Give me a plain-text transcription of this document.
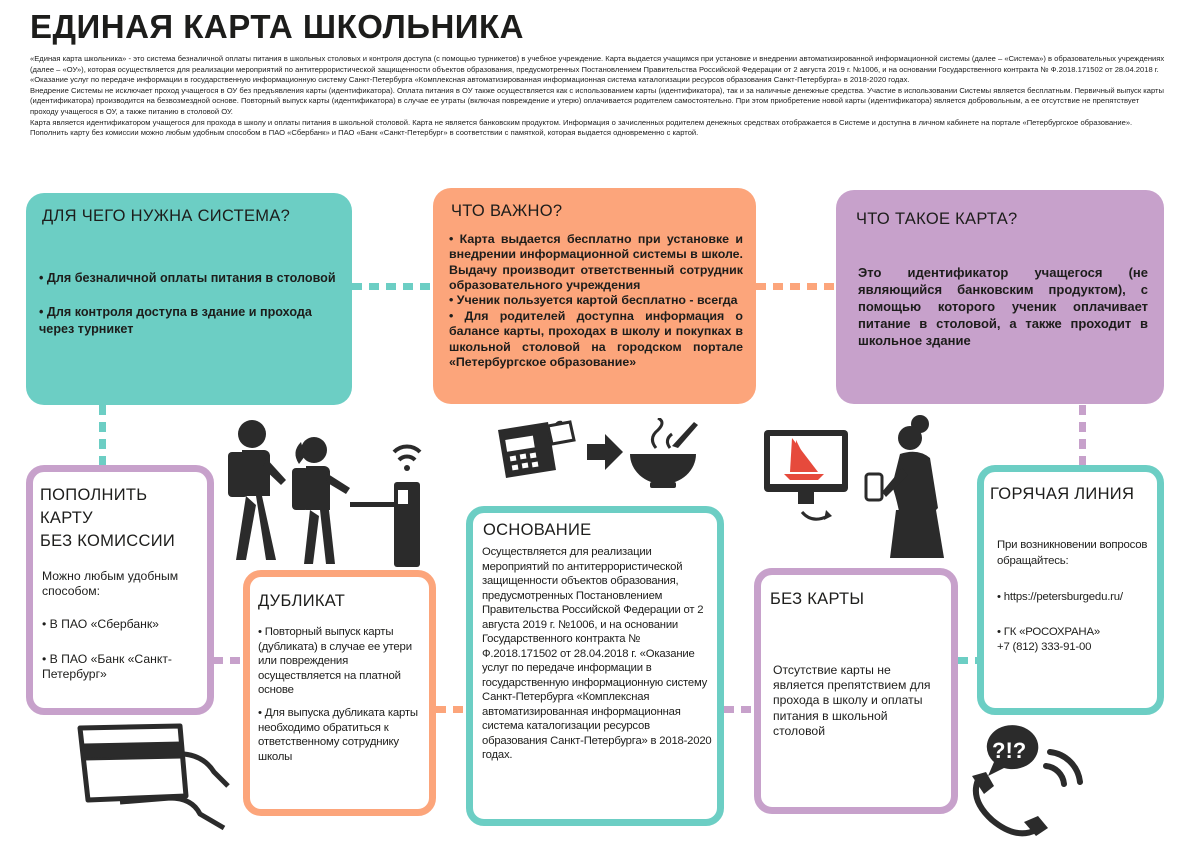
ЕДИНАЯ КАРТА ШКОЛЬНИКА

«Единая карта школьника» - это система безналичной оплаты питания в школьных столовых и контроля доступа (с помощью турникетов) в учебное учреждение. Карта выдается учащимся при установке и внедрении автоматизированной информационной системы (далее – «Система») в образовательных учреждениях (далее – «ОУ»), которая осуществляется для реализации мероприятий по антитеррористической защищенности объектов образования, предусмотренных Постановлением Правительства Российской Федерации от 2 августа 2019 г. №1006, и на основании Государственного контракта № Ф.2018.171502 от 28.04.2018 г. «Оказание услуг по передаче информации в государственную информационную систему Санкт-Петербурга «Комплексная автоматизированная информационная система каталогизации ресурсов образования Санкт-Петербурга» в 2018-2020 годах.

Внедрение Системы не исключает проход учащегося в ОУ без предъявления карты (идентификатора). Оплата питания в ОУ также осуществляется как с использованием карты (идентификатора), так и за наличные денежные средства. Участие в использовании Системы является бесплатным. Первичный выпуск карты (идентификатора) производится на безвозмездной основе. Повторный выпуск карты (идентификатора) в случае ее утраты (включая повреждение и утерю) оплачивается родителем самостоятельно. При этом приобретение новой карты (идентификатора) является добровольным, а ее отсутствие не препятствует проходу учащегося в ОУ, а также питанию в столовой ОУ.

Карта является идентификатором учащегося для прохода в школу и оплаты питания в школьной столовой. Карта не является банковским продуктом. Информация о зачисленных родителем денежных средствах отображается в Системе и доступна в личном кабинете на портале «Петербургское образование». Пополнить карту без комиссии можно любым удобным способом в ПАО «Сбербанк» и ПАО «Банк «Санкт-Петербург» в соответствии с памяткой, которая выдается одновременно с картой.

ДЛЯ ЧЕГО НУЖНА СИСТЕМА?
• Для безналичной оплаты питания в столовой
• Для контроля доступа в здание и прохода через турникет
ЧТО ВАЖНО?
• Карта выдается бесплатно при установке и внедрении информационной системы в школе. Выдачу производит ответственный сотрудник образовательного учреждения
• Ученик пользуется картой бесплатно - всегда
• Для родителей доступна информация о балансе карты, проходах в школу и покупках в школьной столовой на городском портале «Петербургское образование»
ЧТО ТАКОЕ КАРТА?
Это идентификатор учащегося (не являющийся банковским продуктом), с помощью которого ученик оплачивает питание в столовой, а также проходит в школьное здание
ПОПОЛНИТЬ
КАРТУ
БЕЗ КОМИССИИ
Можно любым удобным способом:
• В ПАО «Сбербанк»
• В ПАО «Банк «Санкт-Петербург»
ДУБЛИКАТ
• Повторный выпуск карты (дубликата) в случае ее утери или повреждения осуществляется на платной основе
• Для выпуска дубликата карты необходимо обратиться к ответственному сотруднику школы
ОСНОВАНИЕ
Осуществляется для реализации мероприятий по антитеррористической защищенности объектов образования, предусмотренных Постановлением Правительства Российской Федерации от 2 августа 2019 г. №1006, и на основании Государственного контракта № Ф.2018.171502 от 28.04.2018 г. «Оказание услуг по передаче информации в государственную информационную систему Санкт-Петербурга «Комплексная автоматизированная информационная система каталогизации ресурсов образования Санкт-Петербурга» в 2018-2020 годах.
БЕЗ КАРТЫ
Отсутствие карты не является препятствием для прохода в школу и оплаты питания в школьной столовой
ГОРЯЧАЯ ЛИНИЯ
При возникновении вопросов обращайтесь:
• https://petersburgedu.ru/
• ГК «РОСОХРАНА»
+7 (812) 333-91-00
?!?
